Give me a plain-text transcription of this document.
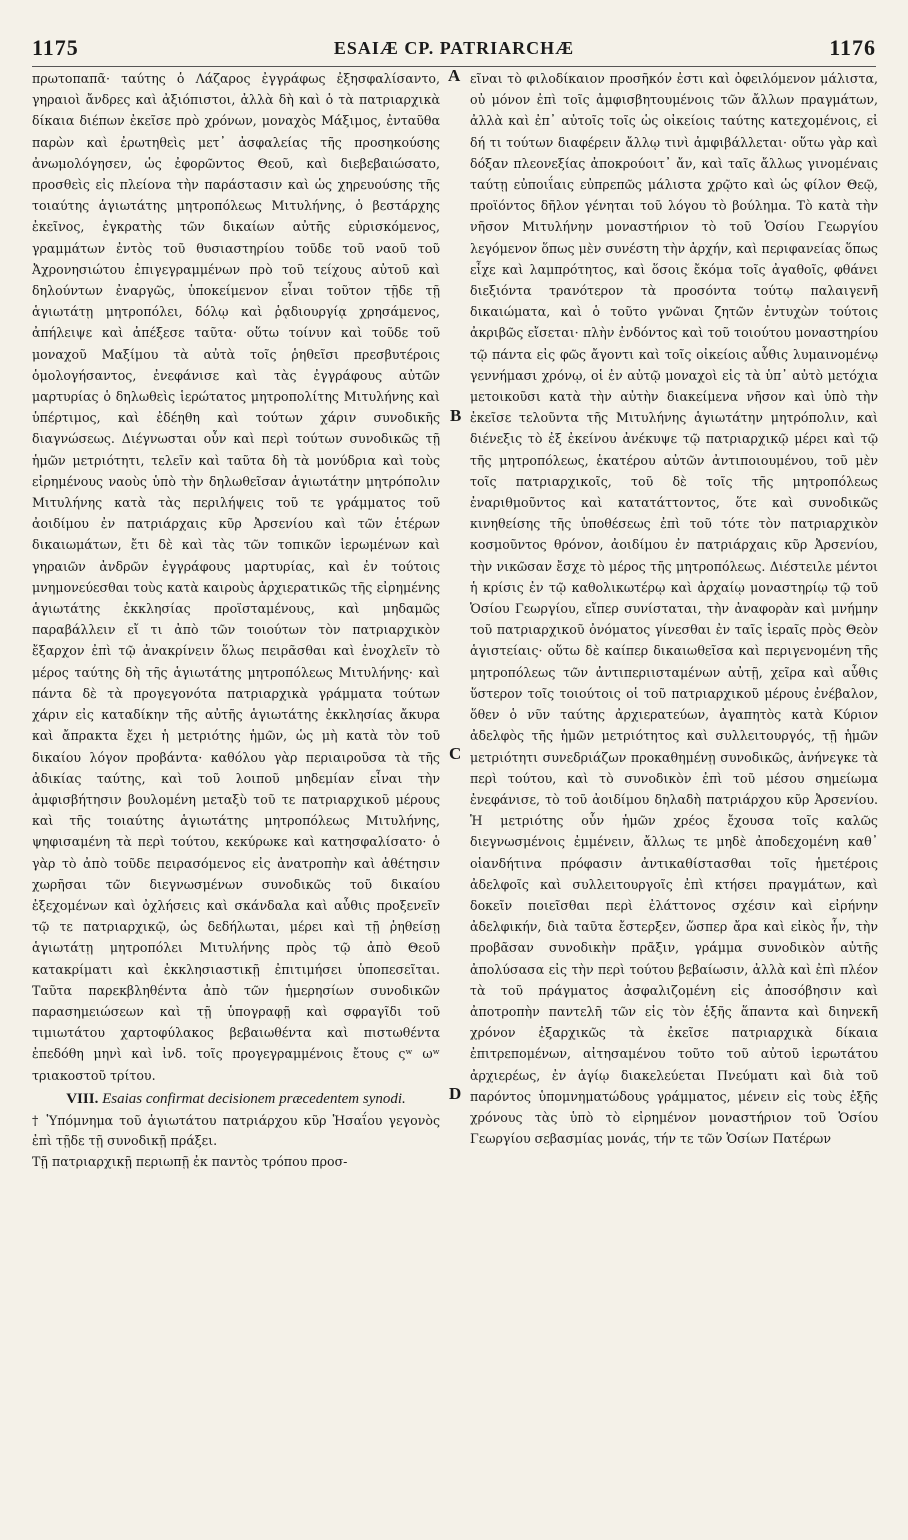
1175	ESAIÆ CP. PATRIARCHÆ	1176

πρωτοπαπᾶ· ταύτης ὁ Λάζαρος ἐγγράφως ἐξησφαλίσαντο, γηραιοὶ ἄνδρες καὶ ἀξιόπιστοι, ἀλλὰ δὴ καὶ ὁ τὰ πατριαρχικὰ δίκαια διέπων ἐκεῖσε πρὸ χρόνων, μοναχὸς Μάξιμος, ἐνταῦθα παρὼν καὶ ἐρωτηθεὶς μετ᾽ ἀσφαλείας τῆς προσηκούσης ἀνωμολόγησεν, ὡς ἐφορῶντος Θεοῦ, καὶ διεβεβαιώσατο, προσθεὶς εἰς πλείονα τὴν παράστασιν καὶ ὡς χηρευούσης τῆς τοιαύτης ἁγιωτάτης μητροπόλεως Μιτυλήνης, ὁ βεστάρχης ἐκεῖνος, ἐγκρατὴς τῶν δικαίων αὐτῆς εὑρισκόμενος, γραμμάτων ἐντὸς τοῦ θυσιαστηρίου τοῦδε τοῦ ναοῦ τοῦ Ἀχρονησιώτου ἐπιγεγραμμένων πρὸ τοῦ τείχους αὐτοῦ καὶ δηλούντων ἐναργῶς, ὑποκείμενον εἶναι τοῦτον τῇδε τῇ ἁγιωτάτῃ μητροπόλει, δόλῳ καὶ ῥᾳδιουργίᾳ χρησάμενος, ἀπήλειψε καὶ ἀπέξεσε ταῦτα· οὕτω τοίνυν καὶ τοῦδε τοῦ μοναχοῦ Μαξίμου τὰ αὐτὰ τοῖς ῥηθεῖσι πρεσβυτέροις ὁμολογήσαντος, ἐνεφάνισε καὶ τὰς ἐγγράφους αὐτῶν μαρτυρίας ὁ δηλωθεὶς ἱερώτατος μητροπολίτης Μιτυλήνης καὶ ὑπέρτιμος, καὶ ἐδέηθη καὶ τούτων χάριν συνοδικῆς διαγνώσεως. Διέγνωσται οὖν καὶ περὶ τούτων συνοδικῶς τῇ ἡμῶν μετριότητι, τελεῖν καὶ ταῦτα δὴ τὰ μονύδρια καὶ τοὺς εἰρημένους ναοὺς ὑπὸ τὴν δηλωθεῖσαν ἁγιωτάτην μητρόπολιν Μιτυλήνης κατὰ τὰς περιλήψεις τοῦ τε γράμματος τοῦ ἀοιδίμου ἐν πατριάρχαις κῦρ Ἀρσενίου καὶ τῶν ἑτέρων δικαιωμάτων, ἔτι δὲ καὶ τὰς τῶν τοπικῶν ἱερωμένων καὶ γηραιῶν ἀνδρῶν ἐγγράφους μαρτυρίας, καὶ ἐν τούτοις μνημονεύεσθαι τοὺς κατὰ καιροὺς ἀρχιερατικῶς τῆς εἰρημένης ἁγιωτάτης ἐκκλησίας προϊσταμένους, καὶ μηδαμῶς παραβάλλειν εἴ τι ἀπὸ τῶν τοιούτων τὸν πατριαρχικὸν ἔξαρχον ἐπὶ τῷ ἀνακρίνειν ὅλως πειρᾶσθαι καὶ ἐνοχλεῖν τὸ μέρος ταύτης δὴ τῆς ἁγιωτάτης μητροπόλεως Μιτυλήνης· καὶ πάντα δὲ τὰ προγεγονότα πατριαρχικὰ γράμματα τούτων χάριν εἰς καταδίκην τῆς αὐτῆς ἁγιωτάτης ἐκκλησίας ἄκυρα καὶ ἄπρακτα ἔχει ἡ μετριότης ἡμῶν, ὡς μὴ κατὰ τὸν τοῦ δικαίου λόγον προβάντα· καθόλου γὰρ περιαιροῦσα τὰ τῆς ἀδικίας ταύτης, καὶ τοῦ λοιποῦ μηδεμίαν εἶναι τὴν ἀμφισβήτησιν βουλομένη μεταξὺ τοῦ τε πατριαρχικοῦ μέρους καὶ τῆς τοιαύτης ἁγιωτάτης μητροπόλεως Μιτυλήνης, ψηφισαμένη τὰ περὶ τούτου, κεκύρωκε καὶ κατησφαλίσατο· ὁ γὰρ τὸ ἀπὸ τοῦδε πειρασόμενος εἰς ἀνατροπὴν καὶ ἀθέτησιν χωρῆσαι τῶν διεγνωσμένων συνοδικῶς τοῦ δικαίου ἐξεχομένων καὶ ὀχλήσεις καὶ σκάνδαλα καὶ αὖθις προξενεῖν τῷ τε πατριαρχικῷ, ὡς δεδήλωται, μέρει καὶ τῇ ῥηθείσῃ ἁγιωτάτῃ μητροπόλει Μιτυλήνης πρὸς τῷ ἀπὸ Θεοῦ κατακρίματι καὶ ἐκκλησιαστικῇ ἐπιτιμήσει ὑποπεσεῖται. Ταῦτα παρεκβληθέντα ἀπὸ τῶν ἡμερησίων συνοδικῶν παρασημειώσεων καὶ τῇ ὑπογραφῇ καὶ σφραγῖδι τοῦ τιμιωτάτου χαρτοφύλακος βεβαιωθέντα καὶ πιστωθέντα ἐπεδόθη μηνὶ καὶ ἰνδ. τοῖς προγεγραμμένοις ἔτους ςʷ ωʷ τριακοστοῦ τρίτου.

VIII. Esaias confirmat decisionem præcedentem synodi.

† Ὑπόμνημα τοῦ ἁγιωτάτου πατριάρχου κῦρ Ἡσαΐου γεγονὸς ἐπὶ τῇδε τῇ συνοδικῇ πράξει.

Τῇ πατριαρχικῇ περιωπῇ ἐκ παντὸς τρόπου προσ-

εῖναι τὸ φιλοδίκαιον προσῆκόν ἐστι καὶ ὀφειλόμενον μάλιστα, οὐ μόνον ἐπὶ τοῖς ἀμφισβητουμένοις τῶν ἄλλων πραγμάτων, ἀλλὰ καὶ ἐπ᾽ αὐτοῖς τοῖς ὡς οἰκείοις ταύτης κατεχομένοις, εἰ δή τι τούτων διαφέρειν ἄλλῳ τινὶ ἀμφιβάλλεται· οὕτω γὰρ καὶ δόξαν πλεονεξίας ἀποκρούοιτ᾽ ἄν, καὶ ταῖς ἄλλως γινομέναις ταύτῃ εὐποιΐαις εὐπρεπῶς μάλιστα χρῷτο καὶ ὡς φίλον Θεῷ, προϊόντος δῆλον γένηται τοῦ λόγου τὸ βούλημα. Τὸ κατὰ τὴν νῆσον Μιτυλήνην μοναστήριον τὸ τοῦ Ὁσίου Γεωργίου λεγόμενον ὅπως μὲν συνέστη τὴν ἀρχήν, καὶ περιφανείας ὅπως εἶχε καὶ λαμπρότητος, καὶ ὅσοις ἔκόμα τοῖς ἀγαθοῖς, φθάνει διεξιόντα τρανότερον τὰ προσόντα τούτῳ παλαιγενῆ δικαιώματα, καὶ ὁ τοῦτο γνῶναι ζητῶν ἐντυχὼν τούτοις ἀκριβῶς εἴσεται· πλὴν ἐνδόντος καὶ τοῦ τοιούτου μοναστηρίου τῷ πάντα εἰς φῶς ἄγοντι καὶ τοῖς οἰκείοις αὖθις λυμαινομένῳ γεννήμασι χρόνῳ, οἱ ἐν αὐτῷ μοναχοὶ εἰς τὰ ὑπ᾽ αὐτὸ μετόχια μετοικοῦσι κατὰ τὴν αὐτὴν διακείμενα νῆσον καὶ ὑπὸ τὴν ἐκεῖσε τελοῦντα τῆς Μιτυλήνης ἁγιωτάτην μητρόπολιν, καὶ διένεξις τὸ ἐξ ἐκείνου ἀνέκυψε τῷ πατριαρχικῷ μέρει καὶ τῷ τῆς μητροπόλεως, ἑκατέρου αὐτῶν ἀντιποιουμένου, τοῦ μὲν τοῖς πατριαρχικοῖς, τοῦ δὲ τοῖς τῆς μητροπόλεως ἐναριθμοῦντος καὶ κατατάττοντος, ὅτε καὶ συνοδικῶς κινηθείσης τῆς ὑποθέσεως ἐπὶ τοῦ τότε τὸν πατριαρχικὸν κοσμοῦντος θρόνον, ἀοιδίμου ἐν πατριάρχαις κῦρ Ἀρσενίου, τὴν νικῶσαν ἔσχε τὸ μέρος τῆς μητροπόλεως. Διέστειλε μέντοι ἡ κρίσις ἐν τῷ καθολικωτέρῳ καὶ ἀρχαίῳ μοναστηρίῳ τῷ τοῦ Ὁσίου Γεωργίου, εἴπερ συνίσταται, τὴν ἀναφορὰν καὶ μνήμην τοῦ πατριαρχικοῦ ὀνόματος γίνεσθαι ἐν ταῖς ἱεραῖς πρὸς Θεὸν ἁγιστείαις· οὕτω δὲ καίπερ δικαιωθεῖσα καὶ περιγενομένη τῆς μητροπόλεως τῶν ἀντιπεριισταμένων αὐτῇ, χεῖρα καὶ αὖθις ὕστερον τοῖς τοιούτοις οἱ τοῦ πατριαρχικοῦ μέρους ἐνέβαλον, ὅθεν ὁ νῦν ταύτης ἀρχιερατεύων, ἀγαπητὸς κατὰ Κύριον ἀδελφὸς τῆς ἡμῶν μετριότητος καὶ συλλειτουργός, τῇ ἡμῶν μετριότητι συνεδριάζων προκαθημένῃ συνοδικῶς, ἀνήνεγκε τὰ περὶ τούτου, καὶ τὸ συνοδικὸν ἐπὶ τοῦ μέσου σημείωμα ἐνεφάνισε, τὸ τοῦ ἀοιδίμου δηλαδὴ πατριάρχου κῦρ Ἀρσενίου. Ἡ μετριότης οὖν ἡμῶν χρέος ἔχουσα τοῖς καλῶς διεγνωσμένοις ἐμμένειν, ἄλλως τε μηδὲ ἀποδεχομένη καθ᾽ οἱανδήτινα πρόφασιν ἀντικαθίστασθαι τοῖς ἡμετέροις ἀδελφοῖς καὶ συλλειτουργοῖς ἐπὶ κτήσει πραγμάτων, καὶ δοκεῖν ποιεῖσθαι περὶ ἐλάττονος σχέσιν καὶ εἰρήνην ἀδελφικήν, διὰ ταῦτα ἔστερξεν, ὥσπερ ἄρα καὶ εἰκὸς ἦν, τὴν προβᾶσαν συνοδικὴν πρᾶξιν, γράμμα συνοδικὸν αὐτῆς ἀπολύσασα εἰς τὴν περὶ τούτου βεβαίωσιν, ἀλλὰ καὶ ἐπὶ πλέον τὰ τοῦ πράγματος ἀσφαλιζομένη εἰς ἀποσόβησιν καὶ ἀποτροπὴν παντελῆ τῶν εἰς τὸν ἑξῆς ἅπαντα καὶ διηνεκῆ χρόνον ἐξαρχικῶς τὰ ἐκεῖσε πατριαρχικὰ δίκαια ἐπιτρεπομένων, αἰτησαμένου τοῦτο τοῦ αὐτοῦ ἱερωτάτου ἀρχιερέως, ἐν ἁγίῳ διακελεύεται Πνεύματι καὶ διὰ τοῦ παρόντος ὑπομνηματώδους γράμματος, μένειν εἰς τοὺς ἑξῆς χρόνους τὰς ὑπὸ τὸ εἰρημένον μοναστήριον τοῦ Ὁσίου Γεωργίου σεβασμίας μονάς, τήν τε τῶν Ὁσίων Πατέρων

A
B
C
D
